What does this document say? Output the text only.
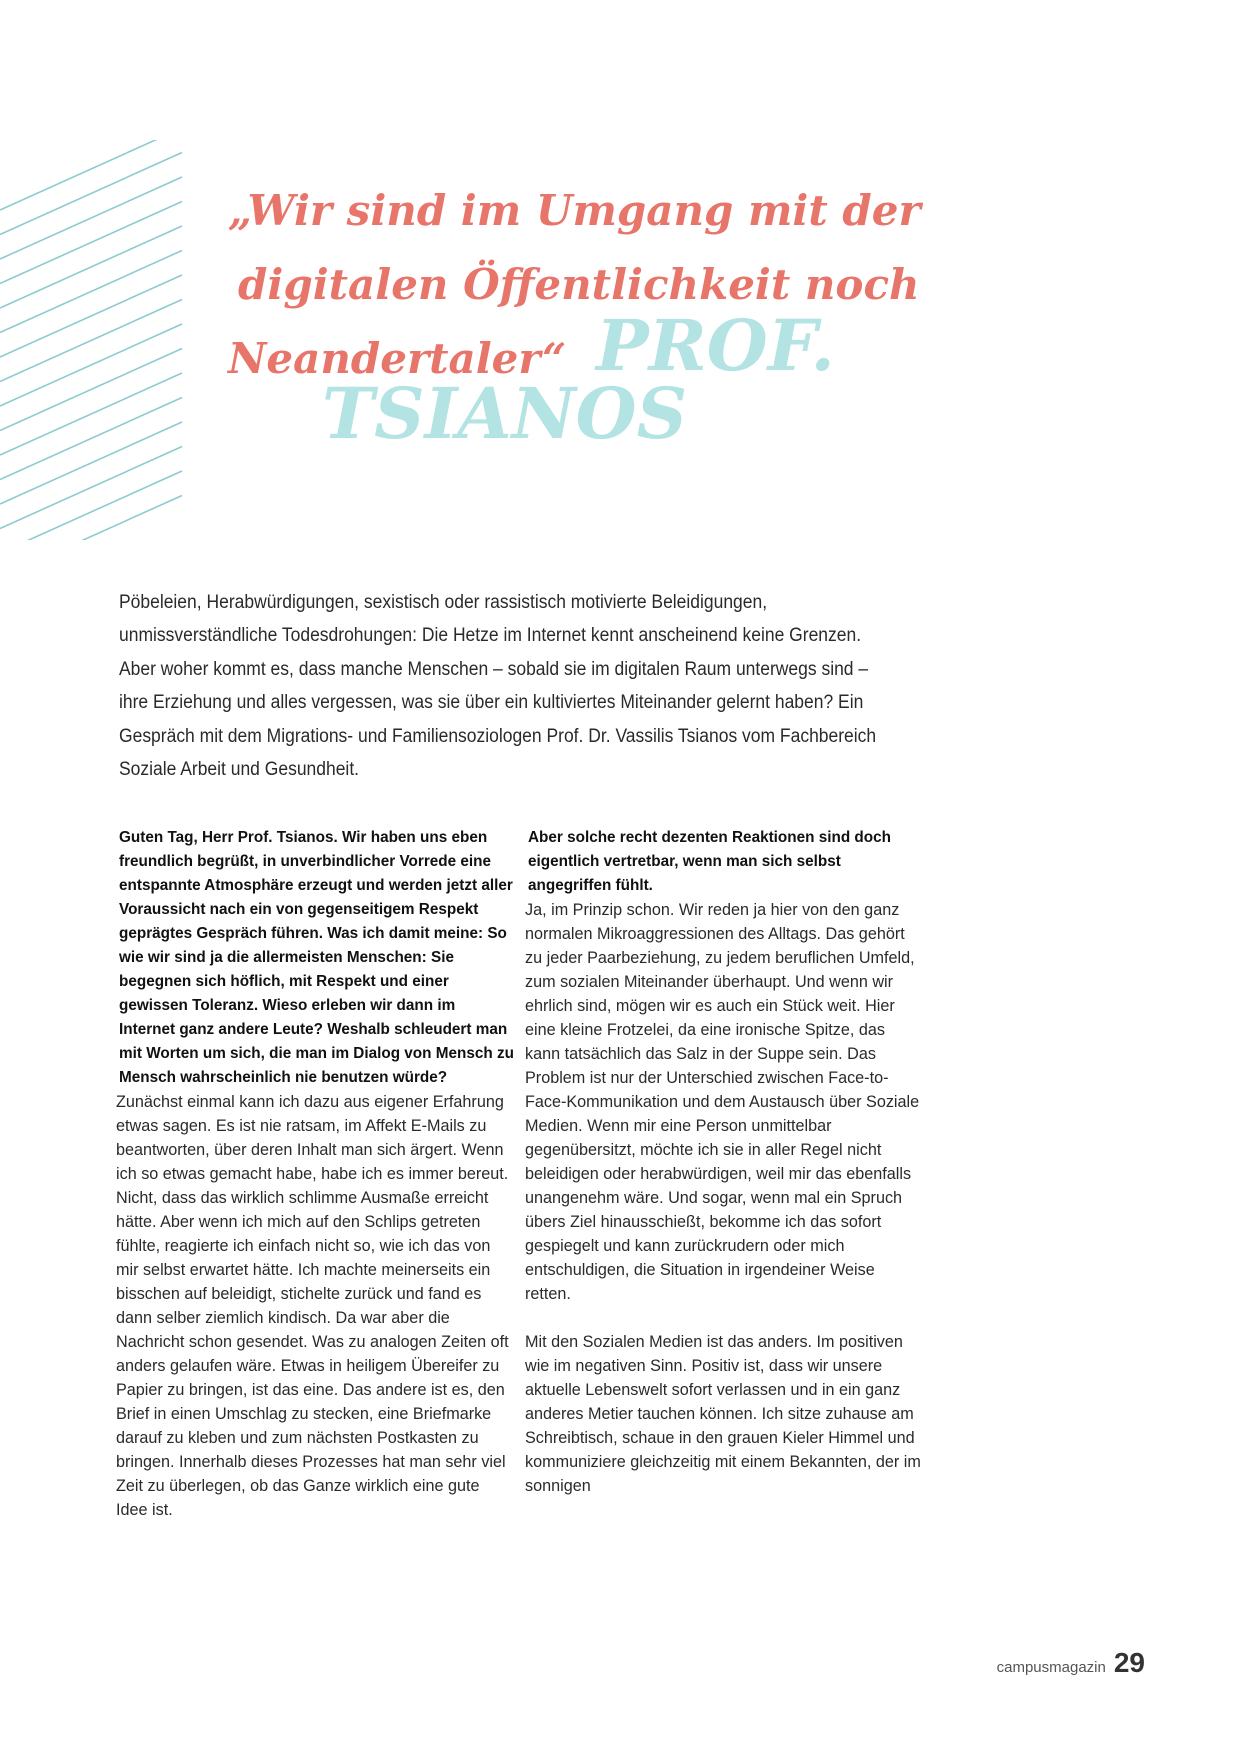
„Wir sind im Umgang mit der
digitalen Öffentlichkeit noch
Neandertaler“ PROF.
TSIANOS

Pöbeleien, Herabwürdigungen, sexistisch oder rassistisch motivierte Beleidigungen, unmissverständliche Todesdrohungen: Die Hetze im Internet kennt anscheinend keine Grenzen. Aber woher kommt es, dass manche Menschen – sobald sie im digitalen Raum unterwegs sind – ihre Erziehung und alles vergessen, was sie über ein kultiviertes Miteinander gelernt haben? Ein Gespräch mit dem Migrations- und Familiensoziologen Prof. Dr. Vassilis Tsianos vom Fachbereich Soziale Arbeit und Gesundheit.

Guten Tag, Herr Prof. Tsianos. Wir haben uns eben freundlich begrüßt, in unverbindlicher Vorrede eine entspannte Atmosphäre erzeugt und werden jetzt aller Voraussicht nach ein von gegenseitigem Respekt geprägtes Gespräch führen. Was ich damit meine: So wie wir sind ja die allermeisten Menschen: Sie begegnen sich höflich, mit Respekt und einer gewissen Toleranz. Wieso erleben wir dann im Internet ganz andere Leute? Weshalb schleudert man mit Worten um sich, die man im Dialog von Mensch zu Mensch wahrscheinlich nie benutzen würde?

Zunächst einmal kann ich dazu aus eigener Erfahrung etwas sagen. Es ist nie ratsam, im Affekt E-Mails zu beantworten, über deren Inhalt man sich ärgert. Wenn ich so etwas gemacht habe, habe ich es immer bereut. Nicht, dass das wirklich schlimme Ausmaße erreicht hätte. Aber wenn ich mich auf den Schlips getreten fühlte, reagierte ich einfach nicht so, wie ich das von mir selbst erwartet hätte. Ich machte meinerseits ein bisschen auf beleidigt, stichelte zurück und fand es dann selber ziemlich kindisch. Da war aber die Nachricht schon gesendet. Was zu analogen Zeiten oft anders gelaufen wäre. Etwas in heiligem Übereifer zu Papier zu bringen, ist das eine. Das andere ist es, den Brief in einen Umschlag zu stecken, eine Briefmarke darauf zu kleben und zum nächsten Postkasten zu bringen. Innerhalb dieses Prozesses hat man sehr viel Zeit zu überlegen, ob das Ganze wirklich eine gute Idee ist.

Aber solche recht dezenten Reaktionen sind doch eigentlich vertretbar, wenn man sich selbst angegriffen fühlt.

Ja, im Prinzip schon. Wir reden ja hier von den ganz normalen Mikroaggressionen des Alltags. Das gehört zu jeder Paarbeziehung, zu jedem beruflichen Umfeld, zum sozialen Miteinander überhaupt. Und wenn wir ehrlich sind, mögen wir es auch ein Stück weit. Hier eine kleine Frotzelei, da eine ironische Spitze, das kann tatsächlich das Salz in der Suppe sein. Das Problem ist nur der Unterschied zwischen Face-to-Face-Kommunikation und dem Austausch über Soziale Medien. Wenn mir eine Person unmittelbar gegenübersitzt, möchte ich sie in aller Regel nicht beleidigen oder herabwürdigen, weil mir das ebenfalls unangenehm wäre. Und sogar, wenn mal ein Spruch übers Ziel hinausschießt, bekomme ich das sofort gespiegelt und kann zurückrudern oder mich entschuldigen, die Situation in irgendeiner Weise retten.

Mit den Sozialen Medien ist das anders. Im positiven wie im negativen Sinn. Positiv ist, dass wir unsere aktuelle Lebenswelt sofort verlassen und in ein ganz anderes Metier tauchen können. Ich sitze zuhause am Schreibtisch, schaue in den grauen Kieler Himmel und kommuniziere gleichzeitig mit einem Bekannten, der im sonnigen

campusmagazin 29
